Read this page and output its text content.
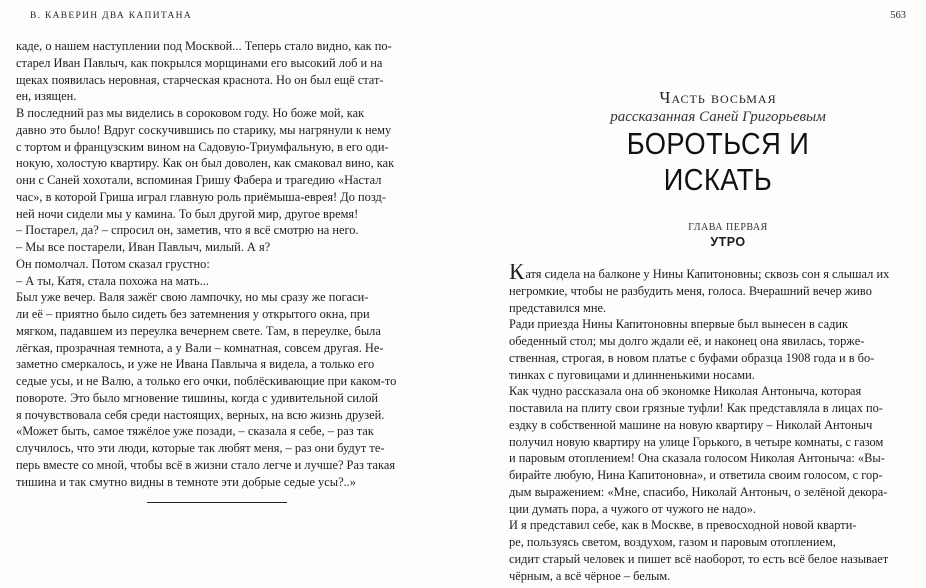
В. КАВЕРИН ДВА КАПИТАНА
каде, о нашем наступлении под Москвой... Теперь стало видно, как по-
старел Иван Павлыч, как покрылся морщинами его высокий лоб и на
щеках появилась неровная, старческая краснота. Но он был ещё стат-
ен, изящен.
В последний раз мы виделись в сороковом году. Но боже мой, как
давно это было! Вдруг соскучившись по старику, мы нагрянули к нему
с тортом и французским вином на Садовую-Триумфальную, в его оди-
нокую, холостую квартиру. Как он был доволен, как смаковал вино, как
они с Саней хохотали, вспоминая Гришу Фабера и трагедию «Настал
час», в которой Гриша играл главную роль приёмыша-еврея! До позд-
ней ночи сидели мы у камина. То был другой мир, другое время!
– Постарел, да? – спросил он, заметив, что я всё смотрю на него.
– Мы все постарели, Иван Павлыч, милый. А я?
Он помолчал. Потом сказал грустно:
– А ты, Катя, стала похожа на мать...
Был уже вечер. Валя зажёг свою лампочку, но мы сразу же погаси-
ли её – приятно было сидеть без затемнения у открытого окна, при
мягком, падавшем из переулка вечернем свете. Там, в переулке, была
лёгкая, прозрачная темнота, а у Вали – комнатная, совсем другая. Не-
заметно смеркалось, и уже не Ивана Павлыча я видела, а только его
седые усы, и не Валю, а только его очки, поблёскивающие при каком-то
повороте. Это было мгновение тишины, когда с удивительной силой
я почувствовала себя среди настоящих, верных, на всю жизнь друзей.
«Может быть, самое тяжёлое уже позади, – сказала я себе, – раз так
случилось, что эти люди, которые так любят меня, – раз они будут те-
перь вместе со мной, чтобы всё в жизни стало легче и лучше? Раз такая
тишина и так смутно видны в темноте эти добрые седые усы?..»
563
Часть восьмая
рассказанная Саней Григорьевым
БОРОТЬСЯ И ИСКАТЬ
ГЛАВА ПЕРВАЯ
УТРО
Катя сидела на балконе у Нины Капитоновны; сквозь сон я слышал их
негромкие, чтобы не разбудить меня, голоса. Вчерашний вечер живо
представился мне.
Ради приезда Нины Капитоновны впервые был вынесен в садик
обеденный стол; мы долго ждали её, и наконец она явилась, торже-
ственная, строгая, в новом платье с буфами образца 1908 года и в бо-
тинках с пуговицами и длинненькими носами.
Как чудно рассказала она об экономке Николая Антоныча, которая
поставила на плиту свои грязные туфли! Как представляла в лицах по-
ездку в собственной машине на новую квартиру – Николай Антоныч
получил новую квартиру на улице Горького, в четыре комнаты, с газом
и паровым отоплением! Она сказала голосом Николая Антоныча: «Вы-
бирайте любую, Нина Капитоновна», и ответила своим голосом, с гор-
дым выражением: «Мне, спасибо, Николай Антоныч, о зелёной декора-
ции думать пора, а чужого от чужого не надо».
И я представил себе, как в Москве, в превосходной новой кварти-
ре, пользуясь светом, воздухом, газом и паровым отоплением,
сидит старый человек и пишет всё наоборот, то есть всё белое называет
чёрным, а всё чёрное – белым.
